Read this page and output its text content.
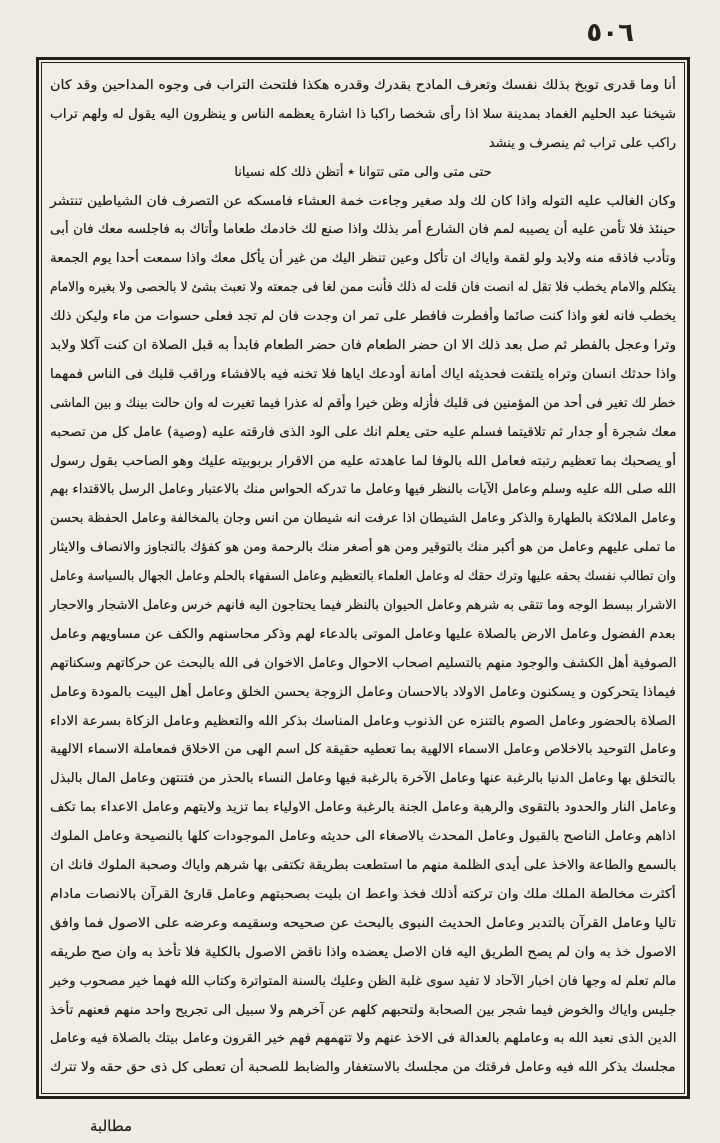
٥٠٦
أنا وما قدرى توبخ بذلك نفسك وتعرف المادح بقدرك وقدره هكذا فلتحث التراب فى وجوه المداحين وقد كان
شيخنا عبد الحليم الغماد بمدينة سلا اذا رأى شخصا راكبا ذا اشارة يعظمه الناس و ينظرون اليه يقول له ولهم تراب
راكب على تراب ثم ينصرف و ينشد
حتى متى والى متى تتوانا ٭ أتظن ذلك كله نسيانا
وكان الغالب عليه التوله واذا كان لك ولد صغير وجاءت خمة العشاء فامسكه عن التصرف فان الشياطين تنتشر
حينئذ فلا تأمن عليه أن يصيبه لمم فان الشارع أمر بذلك واذا صنع لك خادمك طعاما وأتاك به فاجلسه معك فان أبى
وتأدب فاذقه منه ولابد ولو لقمة واياك ان تأكل وعين تنظر اليك من غير أن يأكل معك واذا سمعت أحدا يوم الجمعة
يتكلم والامام يخطب فلا تقل له انصت فان قلت له ذلك فأنت ممن لغا فى جمعته ولا تعبث بشئ لا بالحصى ولا بغيره والامام
يخطب فانه لغو واذا كنت صائما وأفطرت فافطر على تمر ان وجدت فان لم تجد فعلى حسوات من ماء وليكن ذلك
وترا وعجل بالفطر ثم صل بعد ذلك الا ان حضر الطعام فان حضر الطعام فابدأ به قبل الصلاة ان كنت آكلا ولابد
واذا حدثك انسان وتراه يلتفت فحديثه اياك أمانة أودعك اياها فلا تخنه فيه بالافشاء وراقب قلبك فى الناس فمهما
خطر لك تغير فى أحد من المؤمنين فى قلبك فأزله وظن خيرا وأقم له عذرا فيما تغيرت له وان حالت بينك و بين الماشى
معك شجرة أو جدار ثم تلاقيتما فسلم عليه حتى يعلم انك على الود الذى فارقته عليه (وصية) عامل كل من تصحبه
أو يصحبك بما تعظيم رتبته فعامل الله بالوفا لما عاهدته عليه من الاقرار بربوبيته عليك وهو الصاحب بقول رسول
الله صلى الله عليه وسلم وعامل الآيات بالنظر فيها وعامل ما تدركه الحواس منك بالاعتبار وعامل الرسل بالاقتداء بهم
وعامل الملائكة بالطهارة والذكر وعامل الشيطان اذا عرفت انه شيطان من انس وجان بالمخالفة وعامل الحفظة بحسن
ما تملى عليهم وعامل من هو أكبر منك بالتوقير ومن هو أصغر منك بالرحمة ومن هو كفؤك بالتجاوز والانصاف والايثار
وان تطالب نفسك بحقه عليها وترك حقك له وعامل العلماء بالتعظيم وعامل السفهاء بالحلم وعامل الجهال بالسياسة وعامل
الاشرار ببسط الوجه وما تتقى به شرهم وعامل الحيوان بالنظر فيما يحتاجون اليه فانهم خرس وعامل الاشجار والاحجار
بعدم الفضول وعامل الارض بالصلاة عليها وعامل الموتى بالدعاء لهم وذكر محاسنهم والكف عن مساويهم وعامل
الصوفية أهل الكشف والوجود منهم بالتسليم اصحاب الاحوال وعامل الاخوان فى الله بالبحث عن حركاتهم وسكناتهم
فيماذا يتحركون و يسكنون وعامل الاولاد بالاحسان وعامل الزوجة بحسن الخلق وعامل أهل البيت بالمودة وعامل
الصلاة بالحضور وعامل الصوم بالتنزه عن الذنوب وعامل المناسك بذكر الله والتعظيم وعامل الزكاة بسرعة الاداء
وعامل التوحيد بالاخلاص وعامل الاسماء الالهية بما تعطيه حقيقة كل اسم الهى من الاخلاق فمعاملة الاسماء الالهية
بالتخلق بها وعامل الدنيا بالرغبة عنها وعامل الآخرة بالرغبة فيها وعامل النساء بالحذر من فتنتهن وعامل المال بالبذل
وعامل النار والحدود بالتقوى والرهبة وعامل الجنة بالرغبة وعامل الاولياء بما تزيد ولايتهم وعامل الاعداء بما تكف
اذاهم وعامل الناصح بالقبول وعامل المحدث بالاصغاء الى حديثه وعامل الموجودات كلها بالنصيحة وعامل الملوك
بالسمع والطاعة والاخذ على أيدى الظلمة منهم ما استطعت بطريقة تكتفى بها شرهم واياك وصحبة الملوك فانك ان
أكثرت مخالطة الملك ملك وان تركته أذلك فخذ واعط ان بليت بصحبتهم وعامل قارئ القرآن بالانصات مادام
تاليا وعامل القرآن بالتدبر وعامل الحديث النبوى بالبحث عن صحيحه وسقيمه وعرضه على الاصول فما وافق
الاصول خذ به وان لم يصح الطريق اليه فان الاصل يعضده واذا ناقض الاصول بالكلية فلا تأخذ به وان صح طريقه
مالم تعلم له وجها فان اخبار الآحاد لا تفيد سوى غلبة الظن وعليك بالسنة المتواترة وكتاب الله فهما خير مصحوب وخير
جليس واياك والخوض فيما شجر بين الصحابة ولتحبهم كلهم عن آخرهم ولا سبيل الى تجريح واحد منهم فعنهم تأخذ
الدين الذى نعبد الله به وعاملهم بالعدالة فى الاخذ عنهم ولا تتهمهم فهم خير القرون وعامل بيتك بالصلاة فيه وعامل
مجلسك بذكر الله فيه وعامل فرقتك من مجلسك بالاستغفار والضابط للصحبة أن تعطى كل ذى حق حقه ولا تترك
مطالبة
